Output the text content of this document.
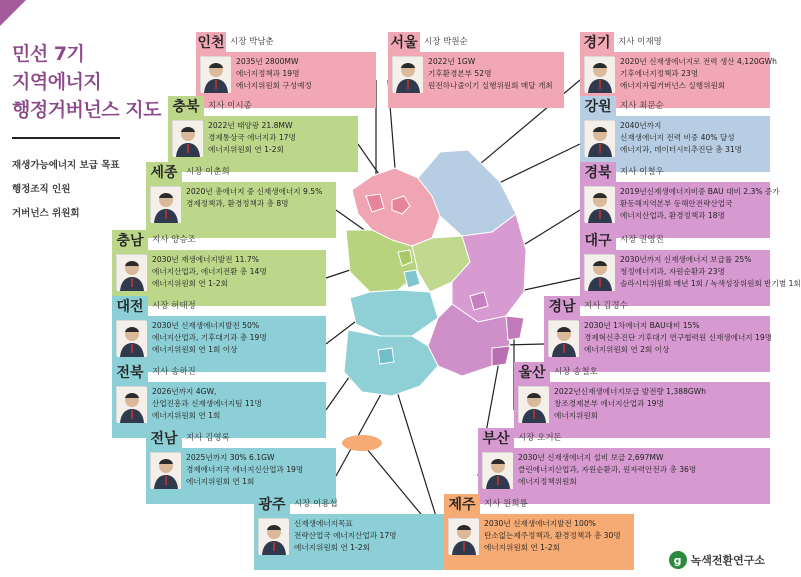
민선 7기
지역에너지
행정거버넌스 지도
재생가능에너지 보급 목표
행정조직 인원
거버넌스 위원회
인천 시장 박남춘
2035년 2800MW
에너지정책과 19명
에너지위원회 구성예정
서울 시장 박원순
2022년 1GW
기후환경본부 52명
원전하나줄이기 실행위원회 매달 개최
경기 지사 이재명
2020년 신재생에너지로 전력 생산 4,120GWh
기후에너지정책과 23명
에너지자립거버넌스 실행위원회
충북 지사 이시종
2022년 태양광 21.8MW
경제통상국 에너지과 17명
에너지위원회 연 1-2회
강원 지사 최문순
2040년까지
신재생에너지 전력 비중 40% 달성
에너지과, 데이터시티추진단 총 31명
세종 시장 이춘희
2020년 총에너지 중 신재생에너지 9.5%
경제정책과, 환경정책과 총 8명
경북 지사 이철우
2019년신재생에너지비중 BAU 대비 2.3% 증가
환동해지역본부 동해안전략산업국
에너지산업과, 환경정책과 18명
충남 지사 양승조
2030년 재생에너지발전 11.7%
에너지산업과, 에너지전환 총 14명
에너지위원회 연 1-2회
대구 시장 권영진
2030년까지 신재생에너지 보급률 25%
청정에너지과, 자원순환과 23명
솔라시티위원회 매년 1회 / 녹색성장위원회 반기별 1회
대전 시장 허태정
2030년 신재생에너지발전 50%
에너지산업과, 기후대기과 총 19명
에너지위원회 연 1회 이상
경남 지사 김경수
2030년 1차에너지 BAU대비 15%
경제혁신추진단 기후대기 연구협력원 신재생에너지 19명
에너지위원회 연 2회 이상
전북 지사 송하진
2026년까지 4GW,
산업진흥과 신재생에너지팀 11명
에너지위원회 연 1회
울산 시장 송철호
2022년신재생에너지보급 발전량 1,388GWh
창조경제본부 에너지산업과 19명
에너지위원회
전남 지사 김영록
2025년까지 30% 6.1GW
경제에너지국 에너지신산업과 19명
에너지위원회 연 1회
부산 시장 오거돈
2030년 신재생에너지 설비 보급 2,697MW
클린에너지산업과, 자원순환과, 원자력안전과 총 36명
에너지정책위원회
광주 시장 이용섭
신재생에너지목표
전략산업국 에너지산업과 17명
에너지위원회 연 1-2회
제주 지사 원희룡
2030년 신재생에너지발전 100%
탄소없는제주정책과, 환경정책과 총 30명
에너지위원회 연 1-2회
g 녹색전환연구소
